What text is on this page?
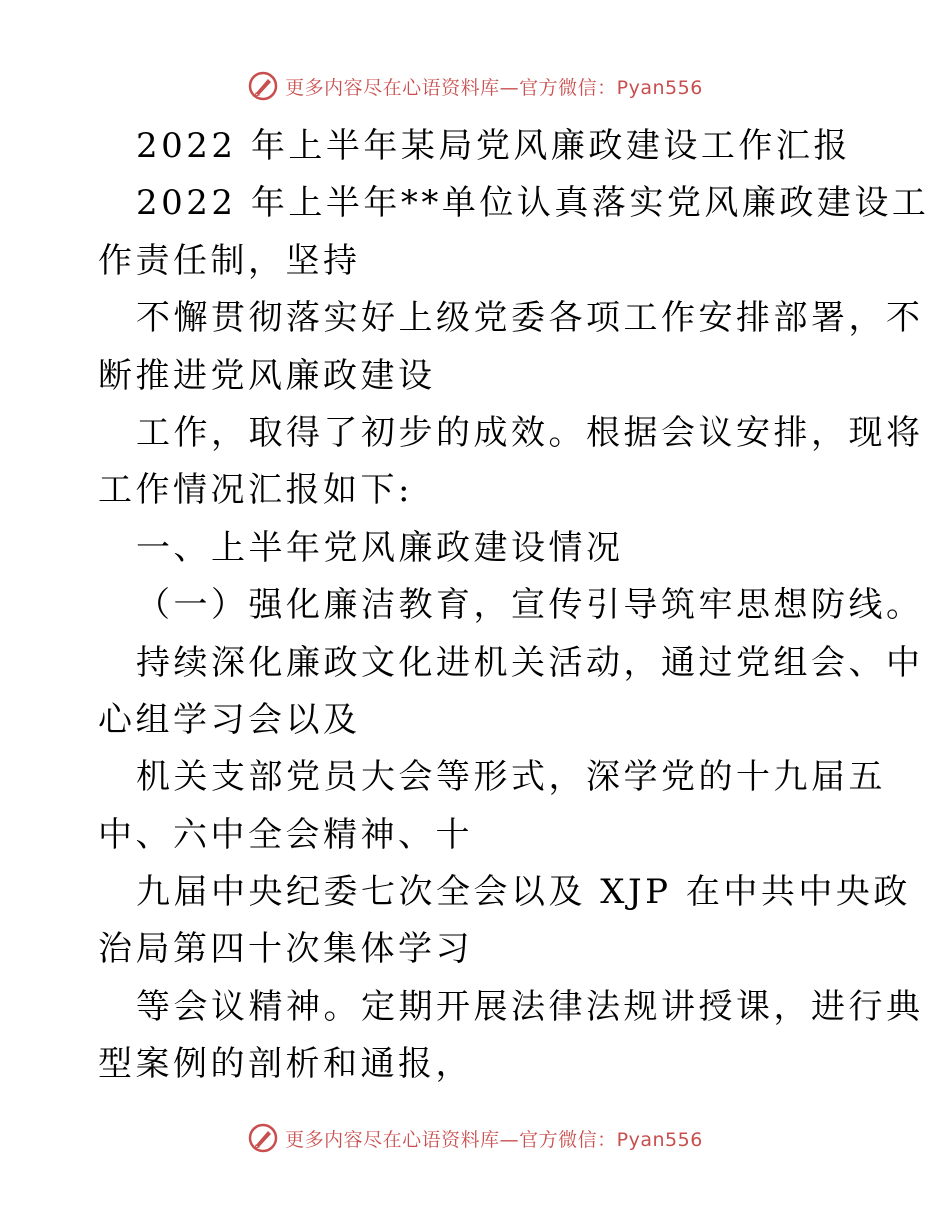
更多内容尽在心语资料库—官方微信：Pyan556
2022 年上半年某局党风廉政建设工作汇报
2022 年上半年**单位认真落实党风廉政建设工
作责任制，坚持
不懈贯彻落实好上级党委各项工作安排部署，不
断推进党风廉政建设
工作，取得了初步的成效。根据会议安排，现将
工作情况汇报如下:
一、上半年党风廉政建设情况
（一）强化廉洁教育，宣传引导筑牢思想防线。
持续深化廉政文化进机关活动，通过党组会、中
心组学习会以及
机关支部党员大会等形式，深学党的十九届五
中、六中全会精神、十
九届中央纪委七次全会以及 XJP 在中共中央政
治局第四十次集体学习
等会议精神。定期开展法律法规讲授课，进行典
型案例的剖析和通报，
更多内容尽在心语资料库—官方微信：Pyan556
